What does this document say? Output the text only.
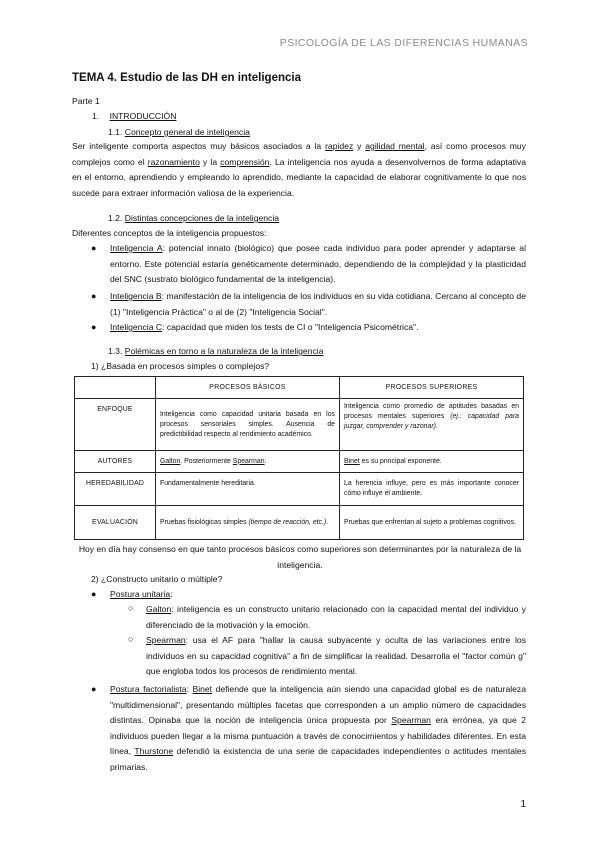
PSICOLOGÍA DE LAS DIFERENCIAS HUMANAS
TEMA 4. Estudio de las DH en inteligencia
Parte 1
1. INTRODUCCIÓN
1.1. Concepto general de inteligencia
Ser inteligente comporta aspectos muy básicos asociados a la rapidez y agilidad mental, así como procesos muy complejos como el razonamiento y la comprensión. La inteligencia nos ayuda a desenvolvernos de forma adaptativa en el entorno, aprendiendo y empleando lo aprendido, mediante la capacidad de elaborar cognitivamente lo que nos sucede para extraer información valiosa de la experiencia.
1.2. Distintas concepciones de la inteligencia
Diferentes conceptos de la inteligencia propuestos:
● Inteligencia A: potencial innato (biológico) que posee cada individuo para poder aprender y adaptarse al entorno. Este potencial estaría genéticamente determinado, dependiendo de la complejidad y la plasticidad del SNC (sustrato biológico fundamental de la inteligencia).
● Inteligencia B: manifestación de la inteligencia de los individuos en su vida cotidiana. Cercano al concepto de (1) "Inteligencia Práctica" o al de (2) "Inteligencia Social".
● Inteligencia C: capacidad que miden los tests de CI o "Inteligencia Psicométrica".
1.3. Polémicas en torno a la naturaleza de la inteligencia
1) ¿Basada en procesos simples o complejos?
	PROCESOS BÁSICOS	PROCESOS SUPERIORES
ENFOQUE	Inteligencia como capacidad unitaria basada en los procesos sensoriales simples. Ausencia de predictibilidad respecto al rendimiento académico.	Inteligencia como promedio de aptitudes basadas en procesos mentales superiores (ej.: capacidad para juzgar, comprender y razonar).
AUTORES	Galton. Posteriormente Spearman.	Binet es su principal exponente.
HEREDABILIDAD	Fundamentalmente hereditaria.	La herencia influye, pero es más importante conocer cómo influye el ambiente.
EVALUACIÓN	Pruebas fisiológicas simples (tiempo de reacción, etc.).	Pruebas que enfrentan al sujeto a problemas cognitivos.
Hoy en día hay consenso en que tanto procesos básicos como superiores son determinantes por la naturaleza de la inteligencia.
2) ¿Constructo unitario o múltiple?
● Postura unitaria:
○ Galton: inteligencia es un constructo unitario relacionado con la capacidad mental del individuo y diferenciado de la motivación y la emoción.
○ Spearman: usa el AF para "hallar la causa subyacente y oculta de las variaciones entre los individuos en su capacidad cognitiva" a fin de simplificar la realidad. Desarrolla el "factor común g" que engloba todos los procesos de rendimiento mental.
● Postura factorialista: Binet defiende que la inteligencia aún siendo una capacidad global es de naturaleza "multidimensional", presentando múltiples facetas que corresponden a un amplio número de capacidades distintas. Opinaba que la noción de inteligencia única propuesta por Spearman era errónea, ya que 2 individuos pueden llegar a la misma puntuación a través de conocimientos y habilidades diferentes. En esta línea, Thurstone defendió la existencia de una serie de capacidades independientes o actitudes mentales primarias.
1
